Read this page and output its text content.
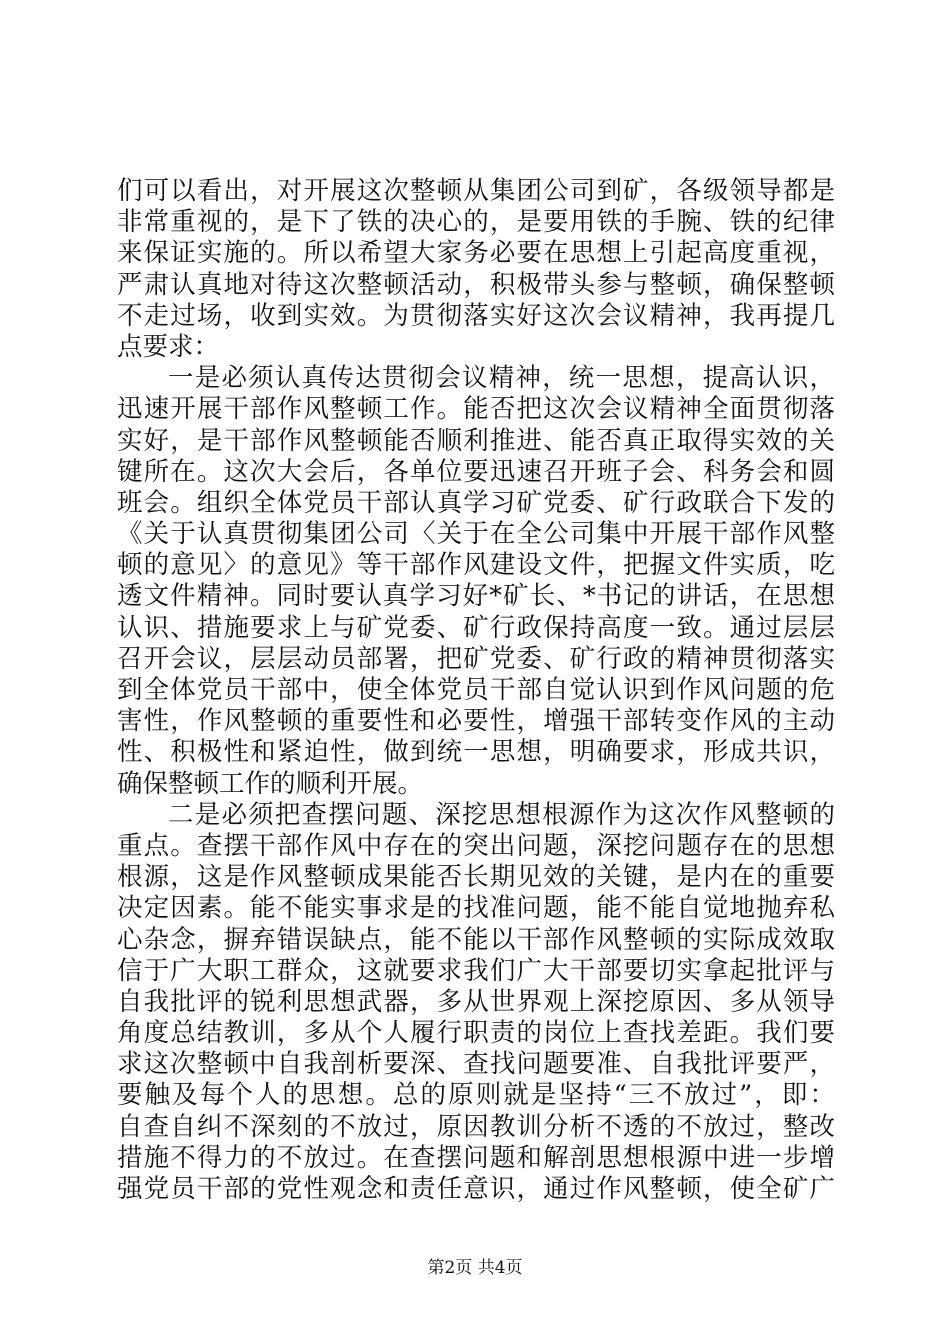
们可以看出，对开展这次整顿从集团公司到矿，各级领导都是
非常重视的，是下了铁的决心的，是要用铁的手腕、铁的纪律
来保证实施的。所以希望大家务必要在思想上引起高度重视，
严肃认真地对待这次整顿活动，积极带头参与整顿，确保整顿
不走过场，收到实效。为贯彻落实好这次会议精神，我再提几
点要求：
一是必须认真传达贯彻会议精神，统一思想，提高认识，
迅速开展干部作风整顿工作。能否把这次会议精神全面贯彻落
实好，是干部作风整顿能否顺利推进、能否真正取得实效的关
键所在。这次大会后，各单位要迅速召开班子会、科务会和圆
班会。组织全体党员干部认真学习矿党委、矿行政联合下发的
《关于认真贯彻集团公司〈关于在全公司集中开展干部作风整
顿的意见〉的意见》等干部作风建设文件，把握文件实质，吃
透文件精神。同时要认真学习好*矿长、*书记的讲话，在思想
认识、措施要求上与矿党委、矿行政保持高度一致。通过层层
召开会议，层层动员部署，把矿党委、矿行政的精神贯彻落实
到全体党员干部中，使全体党员干部自觉认识到作风问题的危
害性，作风整顿的重要性和必要性，增强干部转变作风的主动
性、积极性和紧迫性，做到统一思想，明确要求，形成共识，
确保整顿工作的顺利开展。
二是必须把查摆问题、深挖思想根源作为这次作风整顿的
重点。查摆干部作风中存在的突出问题，深挖问题存在的思想
根源，这是作风整顿成果能否长期见效的关键，是内在的重要
决定因素。能不能实事求是的找准问题，能不能自觉地抛弃私
心杂念，摒弃错误缺点，能不能以干部作风整顿的实际成效取
信于广大职工群众，这就要求我们广大干部要切实拿起批评与
自我批评的锐利思想武器，多从世界观上深挖原因、多从领导
角度总结教训，多从个人履行职责的岗位上查找差距。我们要
求这次整顿中自我剖析要深、查找问题要准、自我批评要严，
要触及每个人的思想。总的原则就是坚持“三不放过”，即：
自查自纠不深刻的不放过，原因教训分析不透的不放过，整改
措施不得力的不放过。在查摆问题和解剖思想根源中进一步增
强党员干部的党性观念和责任意识，通过作风整顿，使全矿广
第2页 共4页
